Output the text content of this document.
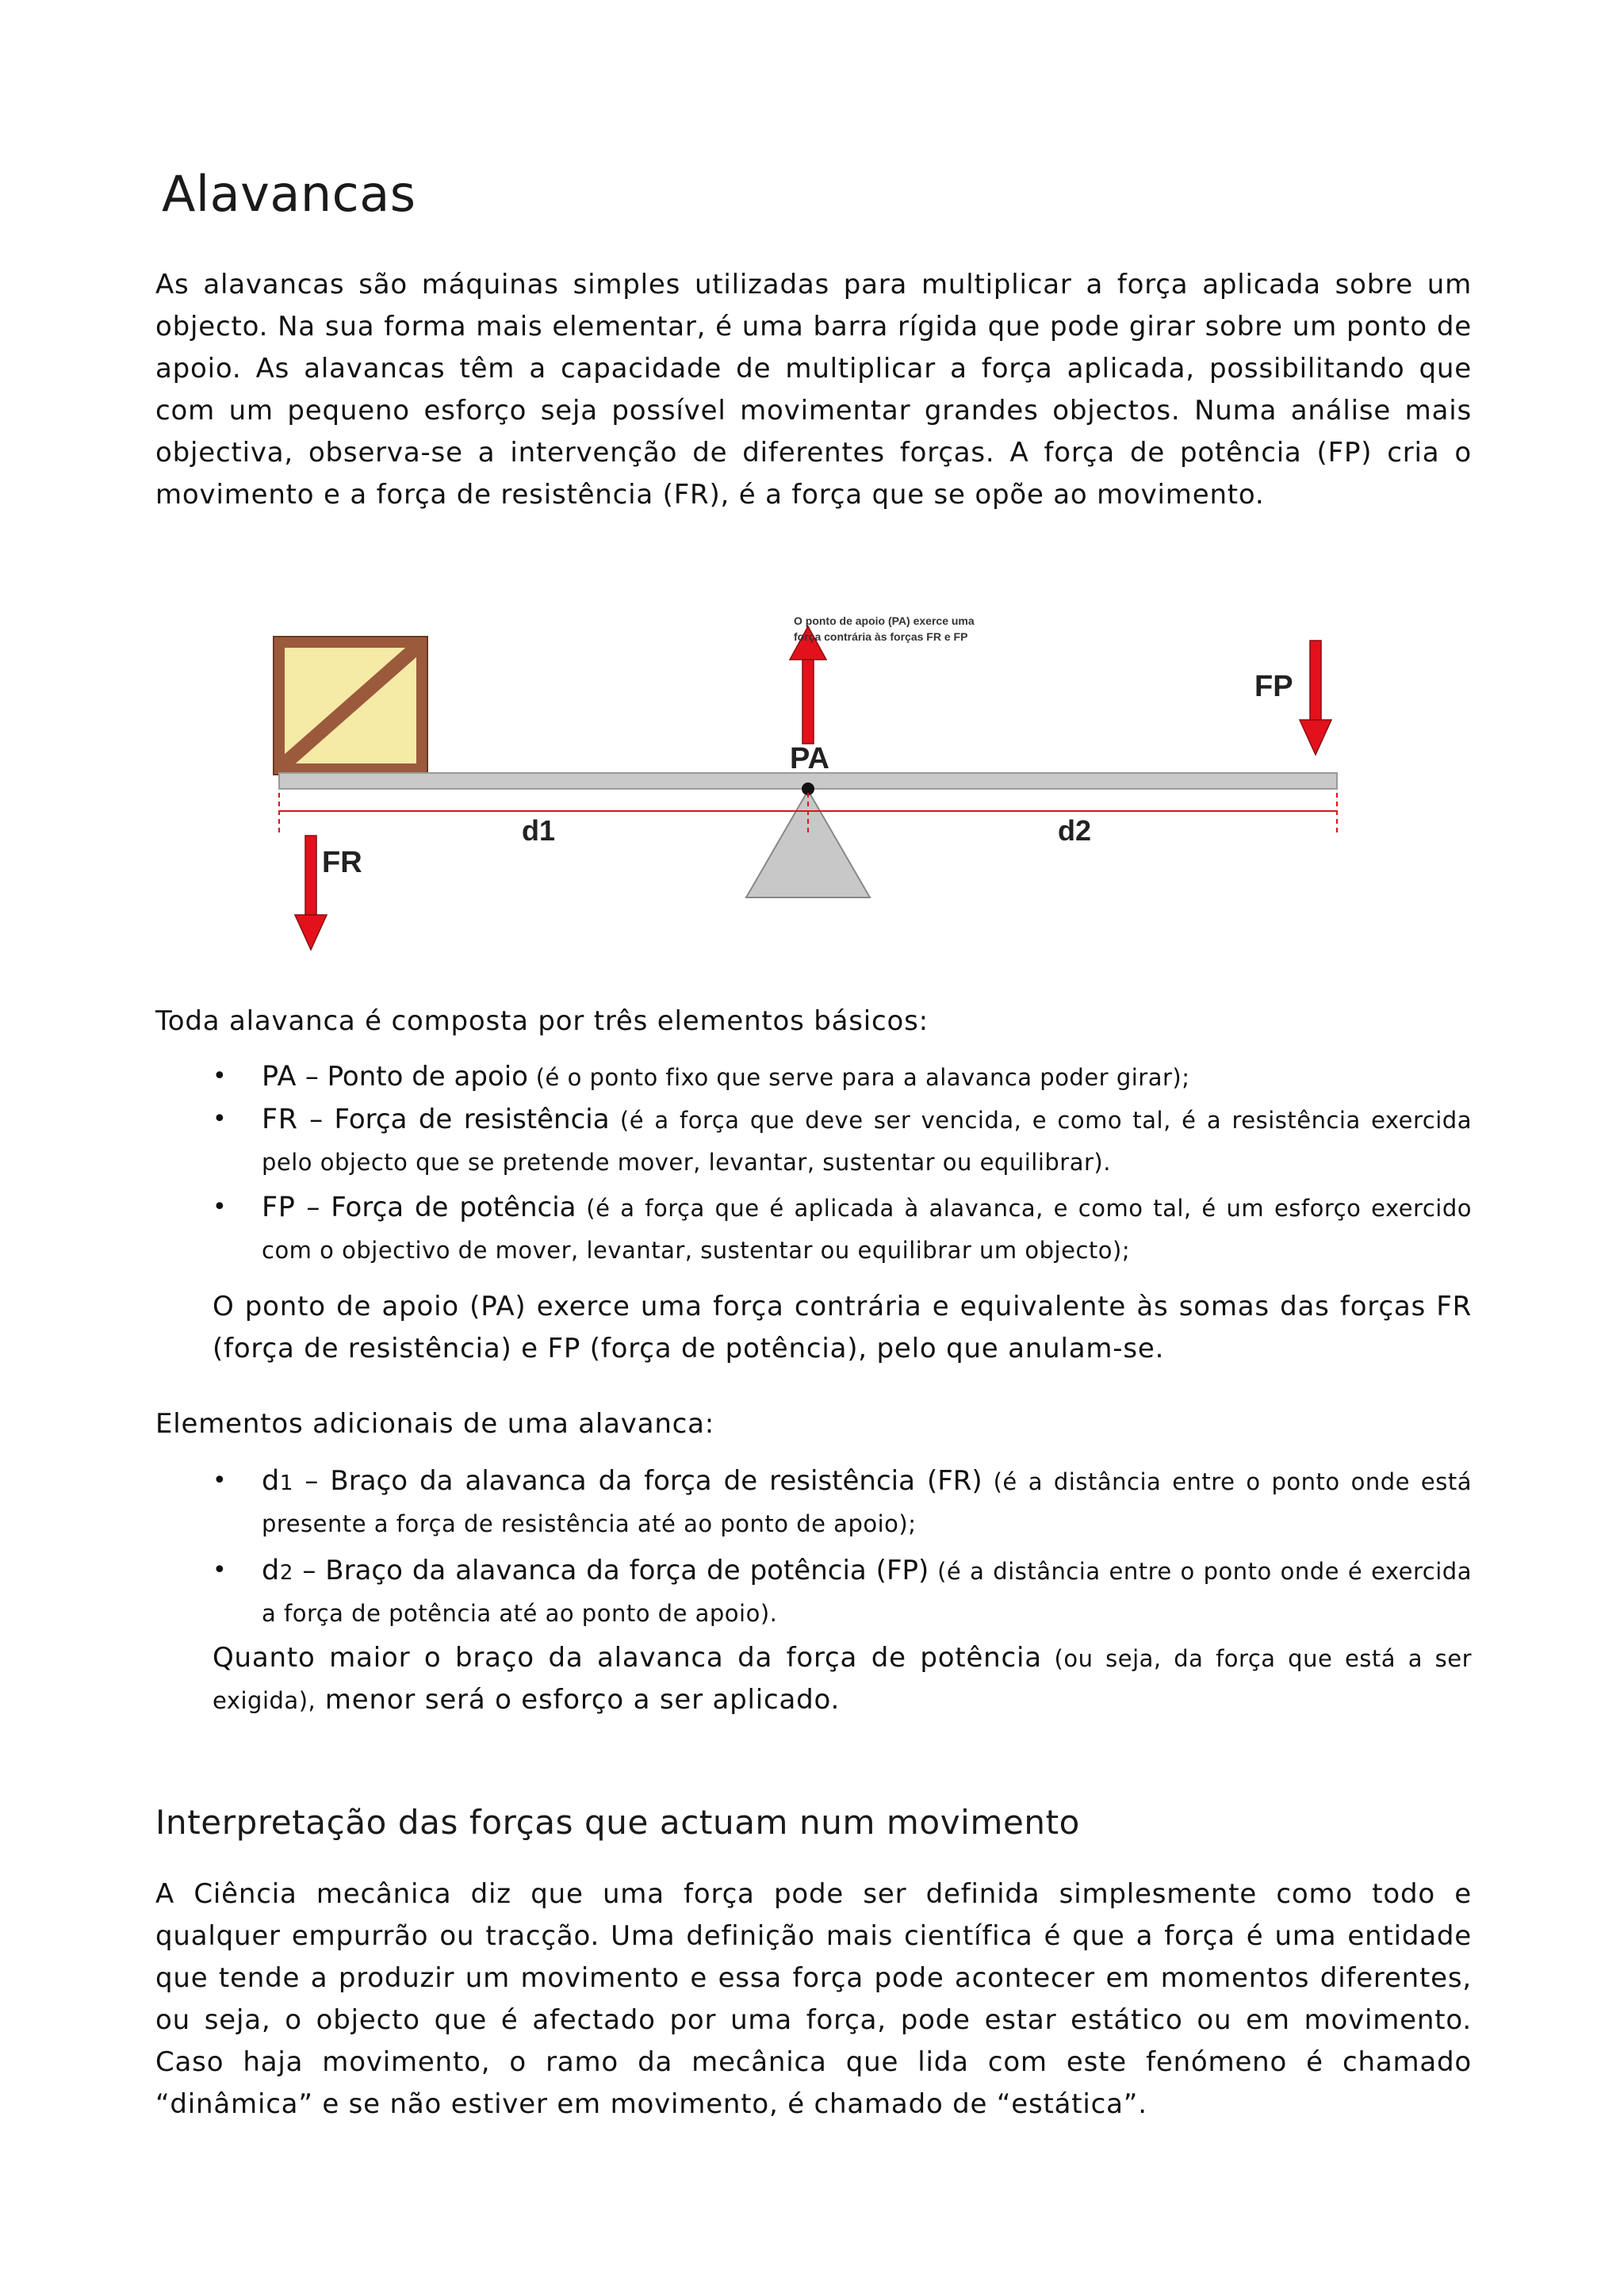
Alavancas

As alavancas são máquinas simples utilizadas para multiplicar a força aplicada sobre um objecto. Na sua forma mais elementar, é uma barra rígida que pode girar sobre um ponto de apoio. As alavancas têm a capacidade de multiplicar a força aplicada, possibilitando que com um pequeno esforço seja possível movimentar grandes objectos. Numa análise mais objectiva, observa-se a intervenção de diferentes forças. A força de potência (FP) cria o movimento e a força de resistência (FR), é a força que se opõe ao movimento.

O ponto de apoio (PA) exerce uma
força contrária às forças FR e FP
PA
FP
FR
d1	d2

Toda alavanca é composta por três elementos básicos:

• PA – Ponto de apoio (é o ponto fixo que serve para a alavanca poder girar);
• FR – Força de resistência (é a força que deve ser vencida, e como tal, é a resistência exercida pelo objecto que se pretende mover, levantar, sustentar ou equilibrar).
• FP – Força de potência (é a força que é aplicada à alavanca, e como tal, é um esforço exercido com o objectivo de mover, levantar, sustentar ou equilibrar um objecto);

O ponto de apoio (PA) exerce uma força contrária e equivalente às somas das forças FR (força de resistência) e FP (força de potência), pelo que anulam-se.

Elementos adicionais de uma alavanca:

• d1 – Braço da alavanca da força de resistência (FR) (é a distância entre o ponto onde está presente a força de resistência até ao ponto de apoio);
• d2 – Braço da alavanca da força de potência (FP) (é a distância entre o ponto onde é exercida a força de potência até ao ponto de apoio).

Quanto maior o braço da alavanca da força de potência (ou seja, da força que está a ser exigida), menor será o esforço a ser aplicado.

Interpretação das forças que actuam num movimento

A Ciência mecânica diz que uma força pode ser definida simplesmente como todo e qualquer empurrão ou tracção. Uma definição mais científica é que a força é uma entidade que tende a produzir um movimento e essa força pode acontecer em momentos diferentes, ou seja, o objecto que é afectado por uma força, pode estar estático ou em movimento. Caso haja movimento, o ramo da mecânica que lida com este fenómeno é chamado “dinâmica” e se não estiver em movimento, é chamado de “estática”.
